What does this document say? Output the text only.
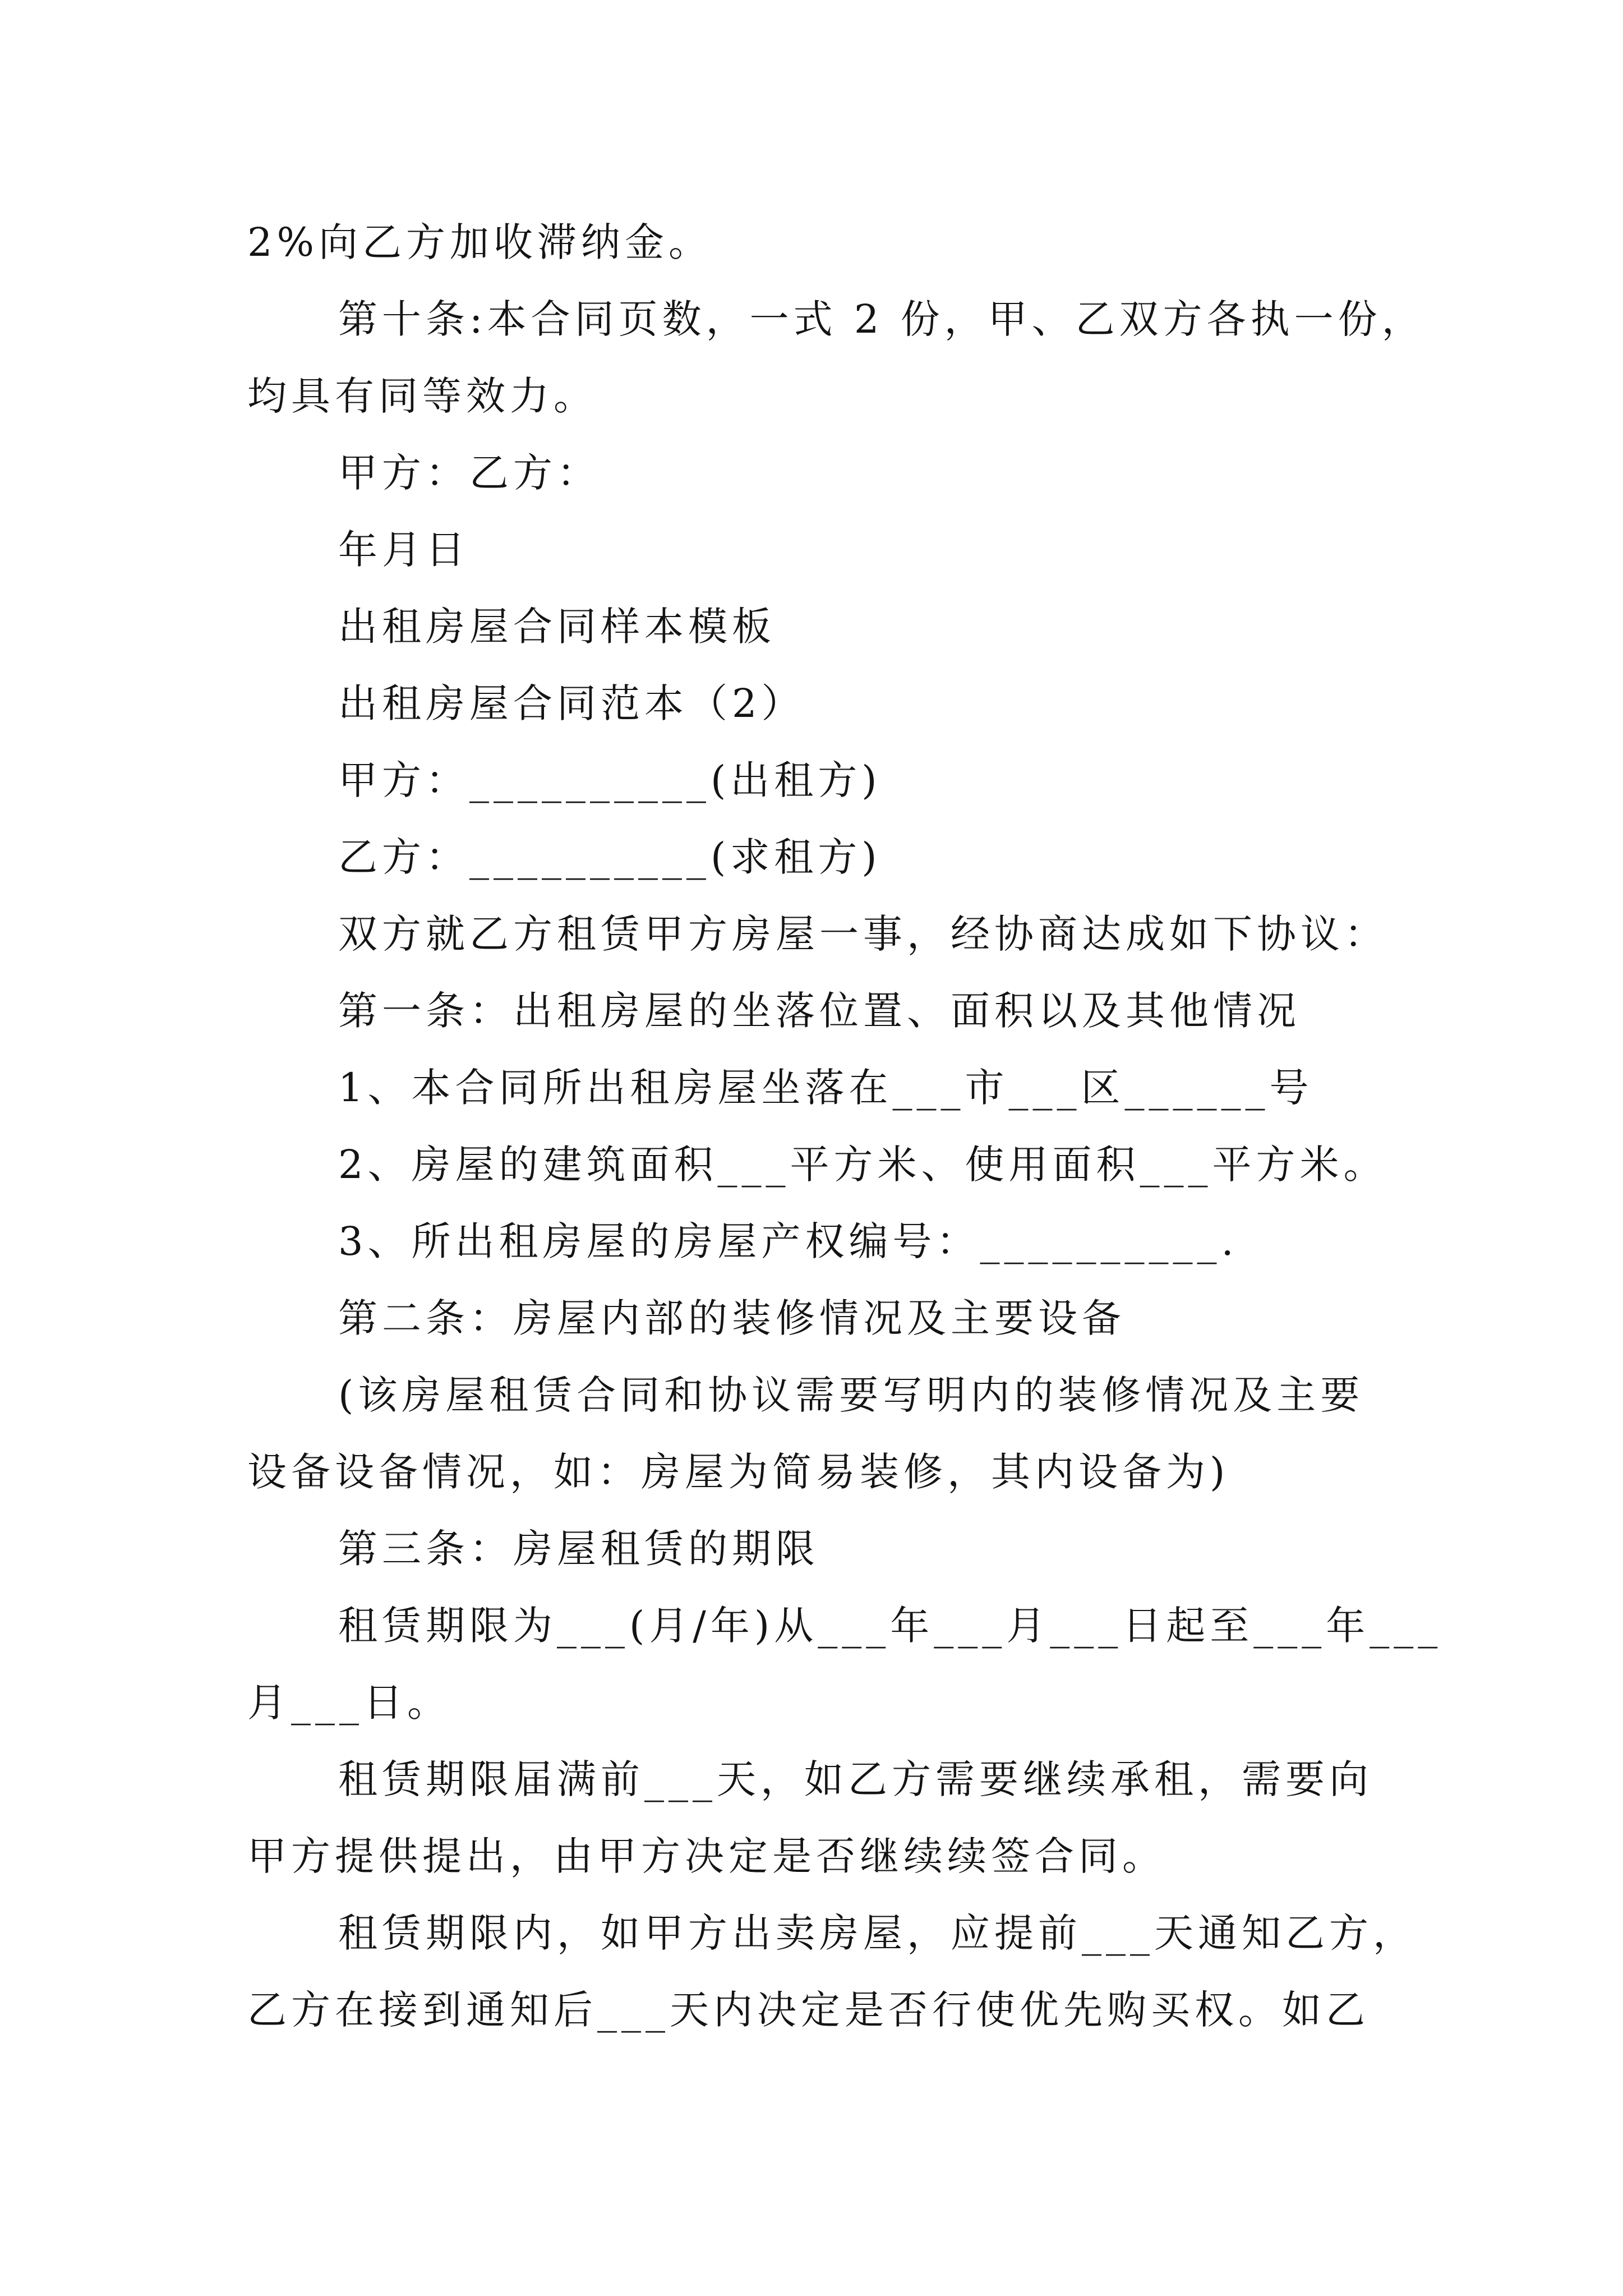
2%向乙方加收滞纳金。
第十条:本合同页数，一式 2 份，甲、乙双方各执一份，
均具有同等效力。
甲方：乙方：
年月日
出租房屋合同样本模板
出租房屋合同范本（2）
甲方：__________(出租方)
乙方：__________(求租方)
双方就乙方租赁甲方房屋一事，经协商达成如下协议：
第一条：出租房屋的坐落位置、面积以及其他情况
1、本合同所出租房屋坐落在___市___区______号
2、房屋的建筑面积___平方米、使用面积___平方米。
3、所出租房屋的房屋产权编号：__________.
第二条：房屋内部的装修情况及主要设备
(该房屋租赁合同和协议需要写明内的装修情况及主要
设备设备情况，如：房屋为简易装修，其内设备为)
第三条：房屋租赁的期限
租赁期限为___(月/年)从___年___月___日起至___年___
月___日。
租赁期限届满前___天，如乙方需要继续承租，需要向
甲方提供提出，由甲方决定是否继续续签合同。
租赁期限内，如甲方出卖房屋，应提前___天通知乙方，
乙方在接到通知后___天内决定是否行使优先购买权。如乙
